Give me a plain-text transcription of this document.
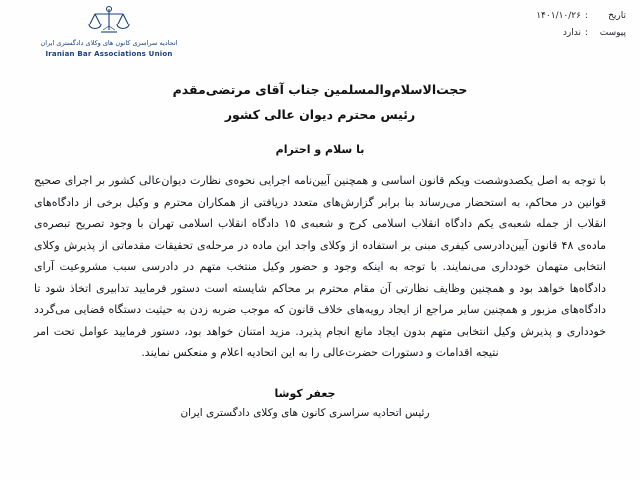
تاریخ
:
۱۴۰۱/۱۰/۲۶
پیوست
:
ندارد
اتحادیه سراسری کانون های وکلای دادگستری ایران
Iranian Bar Associations Union
حجت‌الاسلام‌والمسلمین جناب آقای مرتضی‌مقدم
رئیس محترم دیوان عالی کشور
با سلام و احترام

با توجه به اصل یکصدوشصت ویکم قانون اساسی و همچنین آیین‌نامه اجرایی نحوه‌ی نظارت دیوان‌عالی کشور بر اجرای صحیح قوانین در محاکم، به استحضار می‌رساند بنا برابر گزارش‌های متعدد دریافتی از همکاران محترم و وکیل برخی از دادگاه‌های انقلاب از جمله شعبه‌ی یکم دادگاه انقلاب اسلامی کرج و شعبه‌ی ۱۵ دادگاه انقلاب اسلامی تهران با وجود تصریح تبصره‌ی ماده‌ی ۴۸ قانون آیین‌دادرسی کیفری مبنی بر استفاده از وکلای واجد این ماده در مرحله‌ی تحقیقات مقدماتی از پذیرش وکلای انتخابی متهمان خودداری می‌نمایند. با توجه به اینکه وجود و حضور وکیل منتخب متهم در دادرسی سبب مشروعیت آرای دادگاه‌ها خواهد بود و همچنین وظایف نظارتی آن مقام محترم بر محاکم شایسته است دستور فرمایید تدابیری اتخاذ شود تا دادگاه‌های مزبور و همچنین سایر مراجع از ایجاد رویه‌های خلاف قانون که موجب ضربه زدن به حیثیت دستگاه قضایی می‌گردد خودداری و پذیرش وکیل انتخابی متهم بدون ایجاد مانع انجام پذیرد. مزید امتنان خواهد بود، دستور فرمایید عوامل تحت امر نتیجه اقدامات و دستورات حضرت‌عالی را به این اتحادیه اعلام و منعکس نمایند.

جعفر کوشا
رئیس اتحادیه سراسری کانون های وکلای دادگستری ایران
